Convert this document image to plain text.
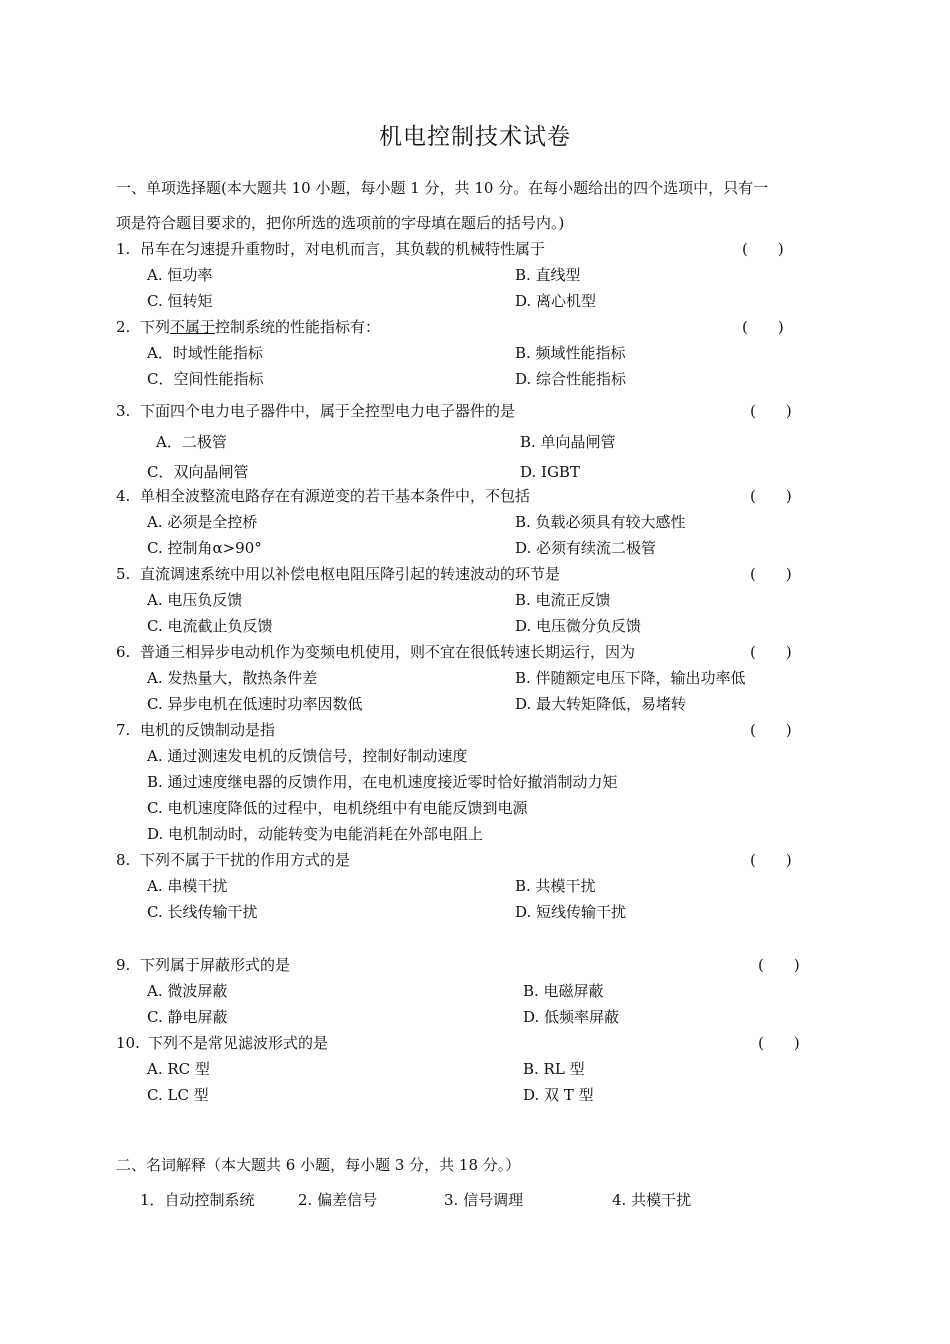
机电控制技术试卷
一、单项选择题(本大题共 10 小题，每小题 1 分，共 10 分。在每小题给出的四个选项中，只有一
项是符合题目要求的，把你所选的选项前的字母填在题后的括号内。)
1. 吊车在匀速提升重物时，对电机而言，其负载的机械特性属于	(　　)
A. 恒功率	B. 直线型
C. 恒转矩	D. 离心机型
2. 下列不属于控制系统的性能指标有：	(　　)
A．时域性能指标	B. 频域性能指标
C．空间性能指标	D. 综合性能指标
3. 下面四个电力电子器件中，属于全控型电力电子器件的是	(　　)
A．二极管	B. 单向晶闸管
C．双向晶闸管	D. IGBT
4. 单相全波整流电路存在有源逆变的若干基本条件中，不包括	(　　)
A. 必须是全控桥	B. 负载必须具有较大感性
C. 控制角α>90°	D. 必须有续流二极管
5. 直流调速系统中用以补偿电枢电阻压降引起的转速波动的环节是	(　　)
A. 电压负反馈	B. 电流正反馈
C. 电流截止负反馈	D. 电压微分负反馈
6. 普通三相异步电动机作为变频电机使用，则不宜在很低转速长期运行，因为	(　　)
A. 发热量大，散热条件差	B. 伴随额定电压下降，输出功率低
C. 异步电机在低速时功率因数低	D. 最大转矩降低，易堵转
7. 电机的反馈制动是指	(　　)
A. 通过测速发电机的反馈信号，控制好制动速度
B. 通过速度继电器的反馈作用，在电机速度接近零时恰好撤消制动力矩
C. 电机速度降低的过程中，电机绕组中有电能反馈到电源
D. 电机制动时，动能转变为电能消耗在外部电阻上
8. 下列不属于干扰的作用方式的是	(　　)
A. 串模干扰	B. 共模干扰
C. 长线传输干扰	D. 短线传输干扰
9. 下列属于屏蔽形式的是	(　　)
A. 微波屏蔽	B. 电磁屏蔽
C. 静电屏蔽	D. 低频率屏蔽
10. 下列不是常见滤波形式的是	(　　)
A. RC 型	B. RL 型
C. LC 型	D. 双 T 型
二、名词解释（本大题共 6 小题，每小题 3 分，共 18 分。）
1．自动控制系统	2. 偏差信号	3. 信号调理	4. 共模干扰
